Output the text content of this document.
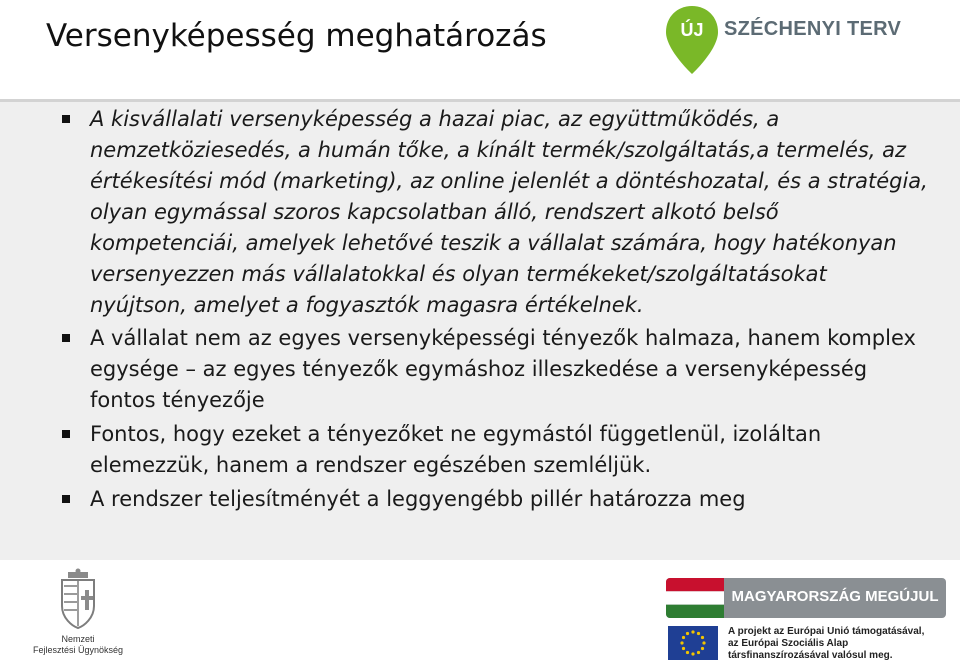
Versenyképesség meghatározás	ÚJ SZÉCHENYI TERV
A kisvállalati versenyképesség a hazai piac, az együttműködés, a nemzetköziesedés, a humán tőke, a kínált termék/szolgáltatás,a termelés, az értékesítési mód (marketing), az online jelenlét a döntéshozatal, és a stratégia, olyan egymással szoros kapcsolatban álló, rendszert alkotó belső kompetenciái, amelyek lehetővé teszik a vállalat számára, hogy hatékonyan versenyezzen más vállalatokkal és olyan termékeket/szolgáltatásokat nyújtson, amelyet a fogyasztók magasra értékelnek.
A vállalat nem az egyes versenyképességi tényezők halmaza, hanem komplex egysége – az egyes tényezők egymáshoz illeszkedése a versenyképesség fontos tényezője
Fontos, hogy ezeket a tényezőket ne egymástól függetlenül, izoláltan elemezzük, hanem a rendszer egészében szemléljük.
A rendszer teljesítményét a leggyengébb pillér határozza meg
Nemzeti
Fejlesztési Ügynökség
MAGYARORSZÁG MEGÚJUL
A projekt az Európai Unió támogatásával,
az Európai Szociális Alap
társfinanszírozásával valósul meg.
